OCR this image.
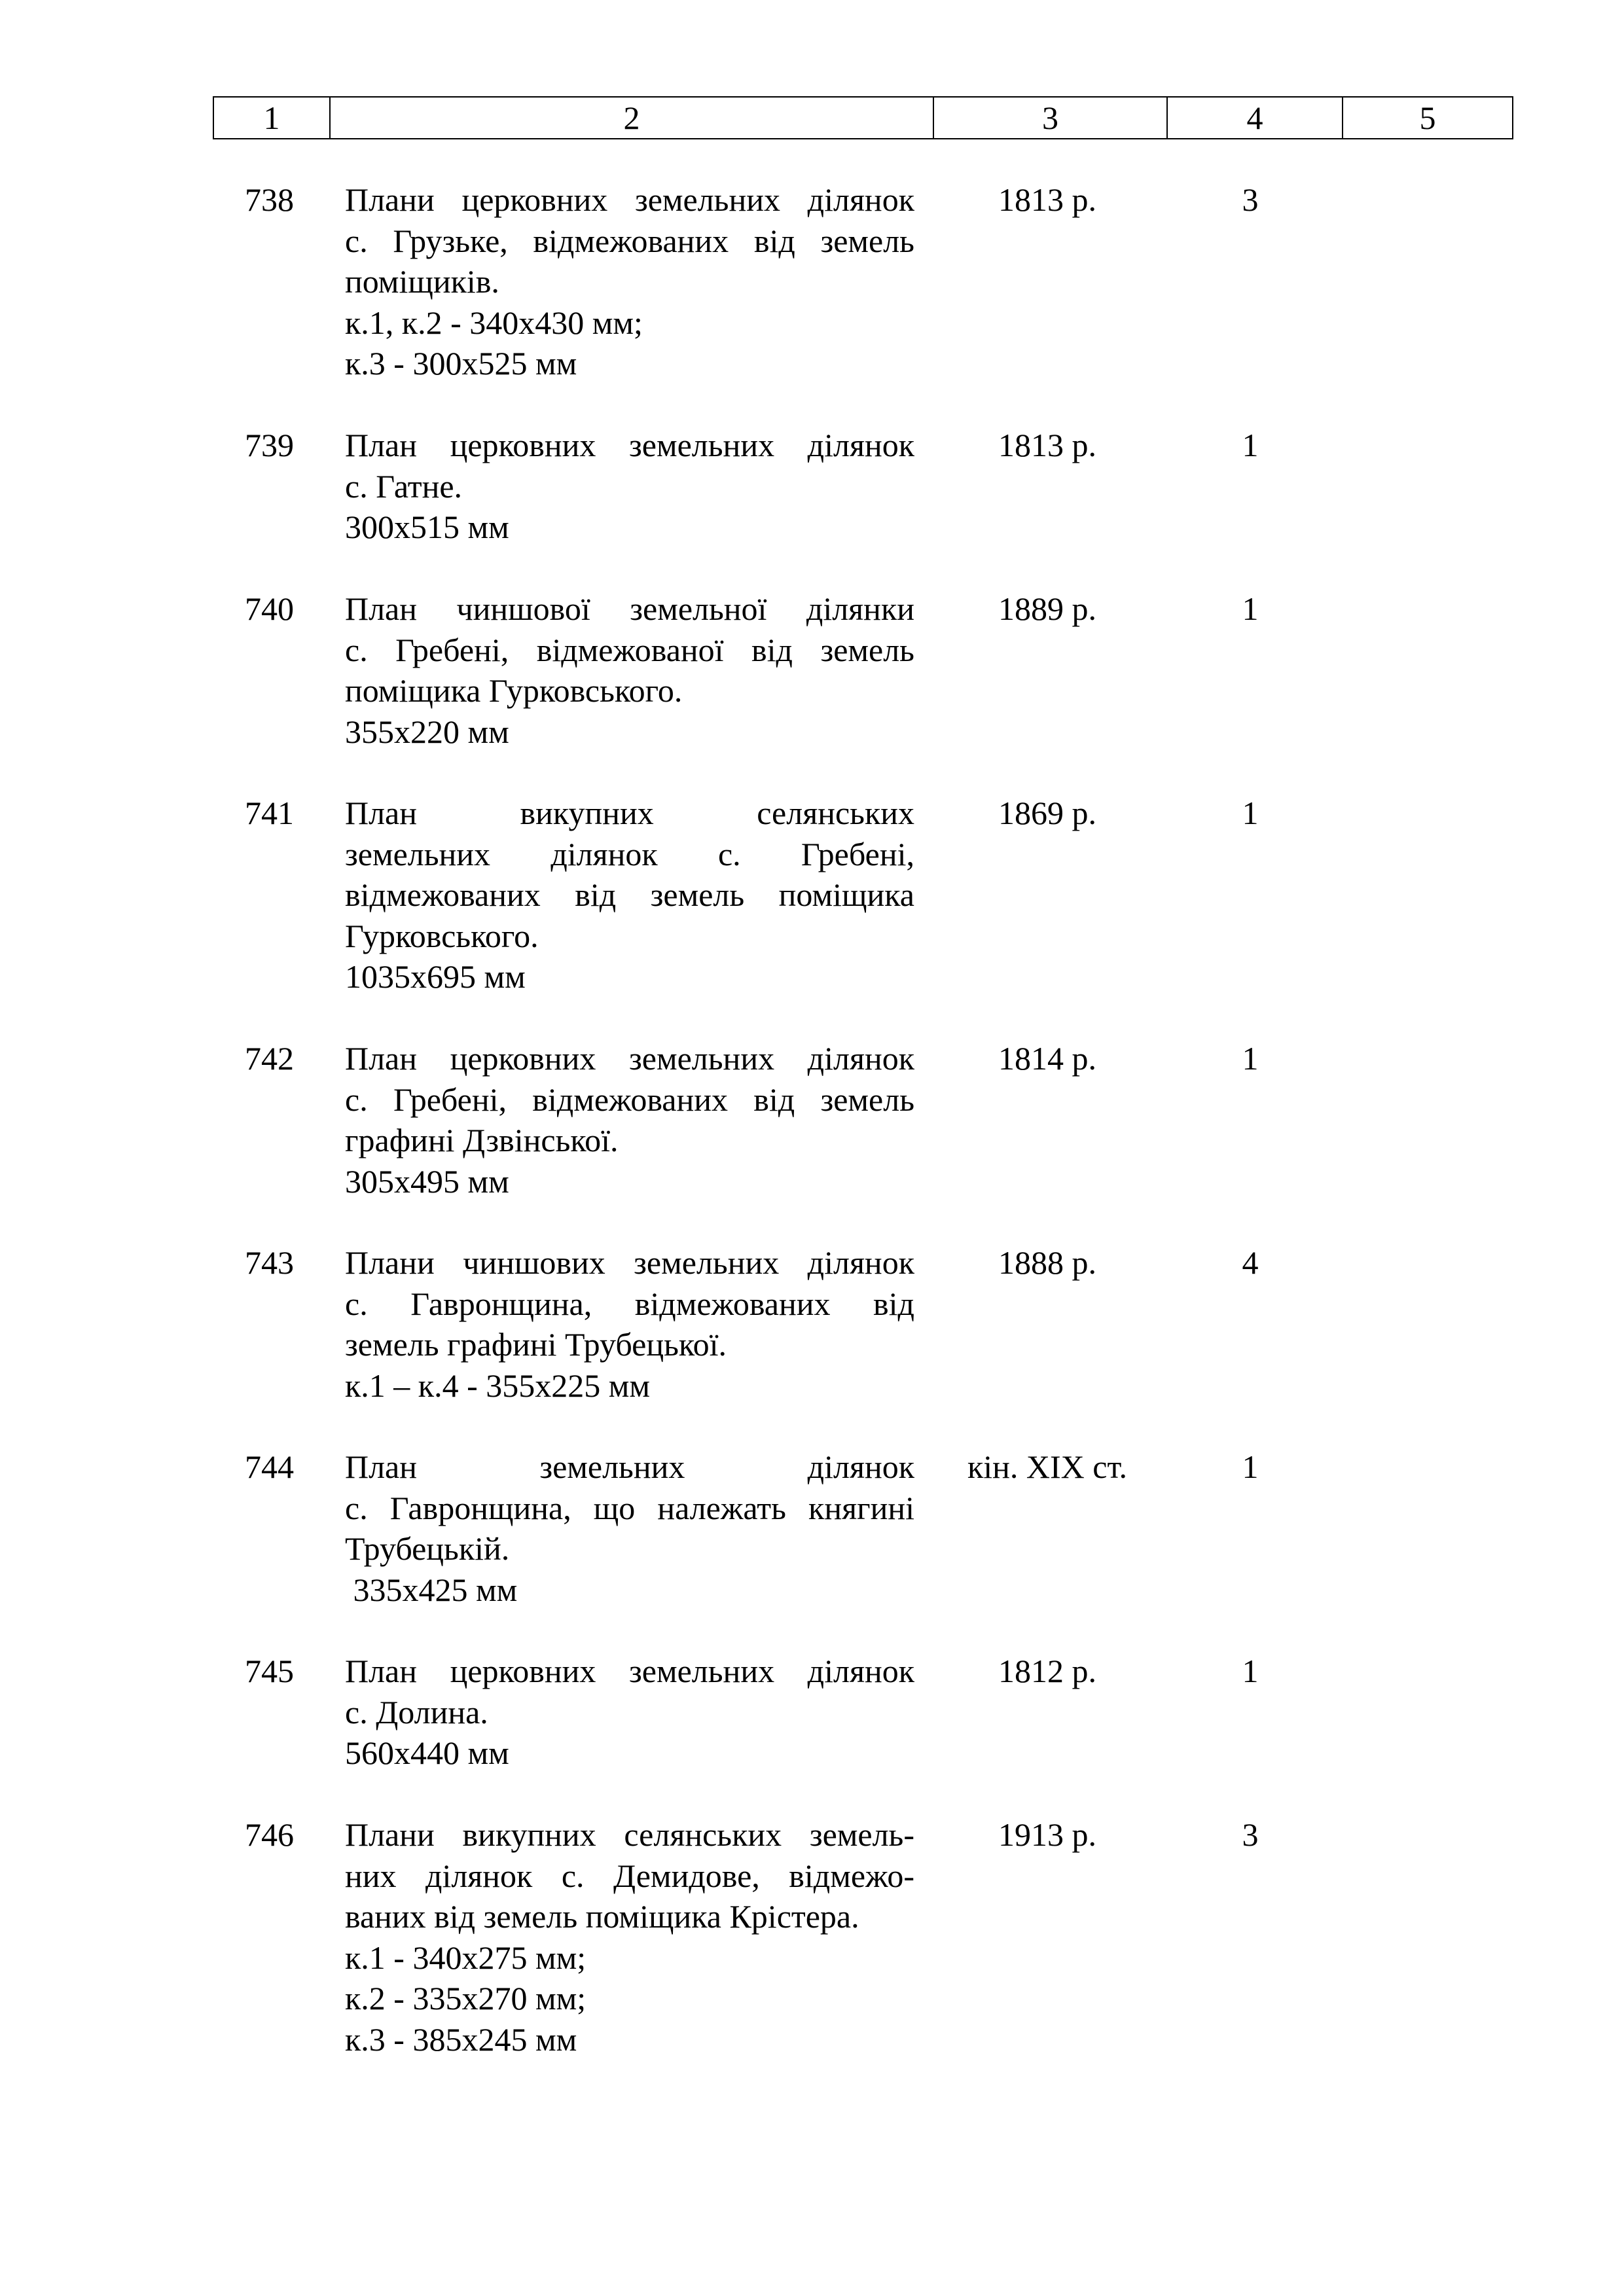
1	2	3	4	5
738 Плани церковних земельних ділянок
с. Грузьке, відмежованих від земель
поміщиків.
к.1, к.2 - 340х430 мм;
к.3 - 300х525 мм
1813 р.	3
739 План церковних земельних ділянок
с. Гатне.
300х515 мм
1813 р.	1
740 План чиншової земельної ділянки
с. Гребені, відмежованої від земель
поміщика Гурковського.
355х220 мм
1889 р.	1
741 План викупних селянських
земельних ділянок с. Гребені,
відмежованих від земель поміщика
Гурковського.
1035х695 мм
1869 р.	1
742 План церковних земельних ділянок
с. Гребені, відмежованих від земель
графині Дзвінської.
305х495 мм
1814 р.	1
743 Плани чиншових земельних ділянок
с. Гавронщина, відмежованих від
земель графині Трубецької.
к.1 – к.4 - 355х225 мм
1888 р.	4
744 План земельних ділянок
с. Гавронщина, що належать княгині
Трубецькій.
335х425 мм
кін. ХІХ ст.	1
745 План церковних земельних ділянок
с. Долина.
560х440 мм
1812 р.	1
746 Плани викупних селянських земель-
них ділянок с. Демидове, відмежо-
ваних від земель поміщика Крістера.
к.1 - 340х275 мм;
к.2 - 335х270 мм;
к.3 - 385х245 мм
1913 р.	3
